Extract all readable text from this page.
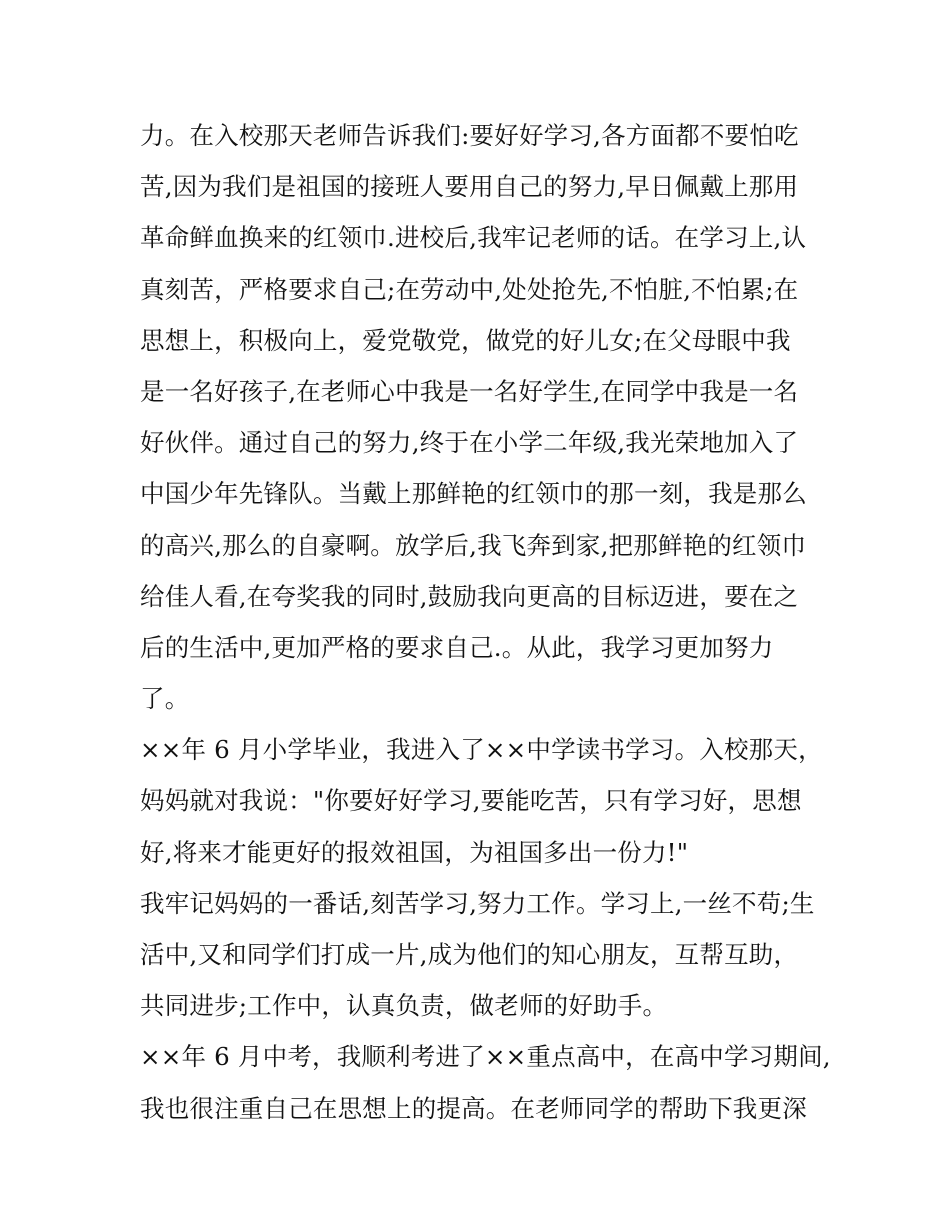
力。在入校那天老师告诉我们:要好好学习,各方面都不要怕吃
苦,因为我们是祖国的接班人要用自己的努力,早日佩戴上那用
革命鲜血换来的红领巾.进校后,我牢记老师的话。在学习上,认
真刻苦，严格要求自己;在劳动中,处处抢先,不怕脏,不怕累;在
思想上，积极向上，爱党敬党，做党的好儿女;在父母眼中我
是一名好孩子,在老师心中我是一名好学生,在同学中我是一名
好伙伴。通过自己的努力,终于在小学二年级,我光荣地加入了
中国少年先锋队。当戴上那鲜艳的红领巾的那一刻，我是那么
的高兴,那么的自豪啊。放学后,我飞奔到家,把那鲜艳的红领巾
给佳人看,在夸奖我的同时,鼓励我向更高的目标迈进，要在之
后的生活中,更加严格的要求自己.。从此，我学习更加努力
了。
××年 6 月小学毕业，我进入了××中学读书学习。入校那天，
妈妈就对我说："你要好好学习,要能吃苦，只有学习好，思想
好,将来才能更好的报效祖国，为祖国多出一份力!"
我牢记妈妈的一番话,刻苦学习,努力工作。学习上,一丝不苟;生
活中,又和同学们打成一片,成为他们的知心朋友，互帮互助，
共同进步;工作中，认真负责，做老师的好助手。
××年 6 月中考，我顺利考进了××重点高中，在高中学习期间,
我也很注重自己在思想上的提高。在老师同学的帮助下我更深
